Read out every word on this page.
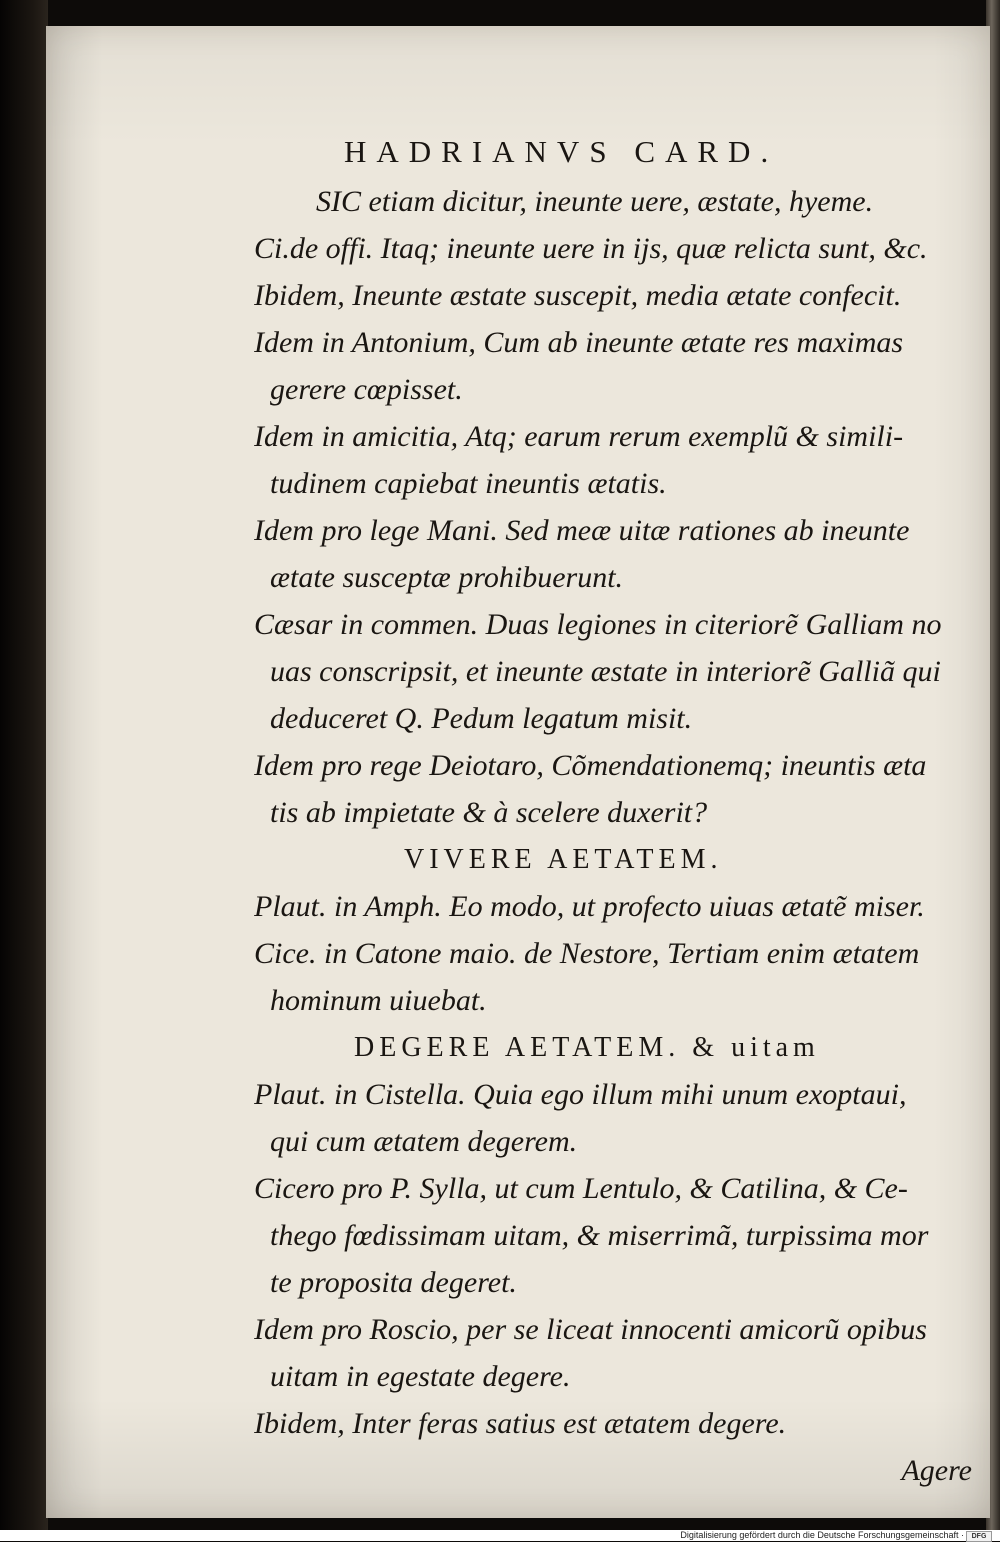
HADRIANVS CARD.
SIC etiam dicitur, ineunte uere, æstate, hyeme.
Ci.de offi. Itaq; ineunte uere in ijs, quæ relicta sunt, &c.
Ibidem, Ineunte æstate suscepit, media ætate confecit.
Idem in Antonium, Cum ab ineunte ætate res maximas
gerere cœpisset.
Idem in amicitia, Atq; earum rerum exemplũ & simili-
tudinem capiebat ineuntis ætatis.
Idem pro lege Mani. Sed meæ uitæ rationes ab ineunte
ætate susceptæ prohibuerunt.
Cæsar in commen. Duas legiones in citeriorẽ Galliam no
uas conscripsit, et ineunte æstate in interiorẽ Galliã qui
deduceret Q. Pedum legatum misit.
Idem pro rege Deiotaro, Cõmendationemq; ineuntis æta
tis ab impietate & à scelere duxerit?
VIVERE AETATEM.
Plaut. in Amph. Eo modo, ut profecto uiuas ætatẽ miser.
Cice. in Catone maio. de Nestore, Tertiam enim ætatem
hominum uiuebat.
DEGERE AETATEM. & uitam
Plaut. in Cistella. Quia ego illum mihi unum exoptaui,
qui cum ætatem degerem.
Cicero pro P. Sylla, ut cum Lentulo, & Catilina, & Ce-
thego fœdissimam uitam, & miserrimã, turpissima mor
te proposita degeret.
Idem pro Roscio, per se liceat innocenti amicorũ opibus
uitam in egestate degere.
Ibidem, Inter feras satius est ætatem degere.
Agere
Digitalisierung gefördert durch die Deutsche Forschungsgemeinschaft ·	DFG
